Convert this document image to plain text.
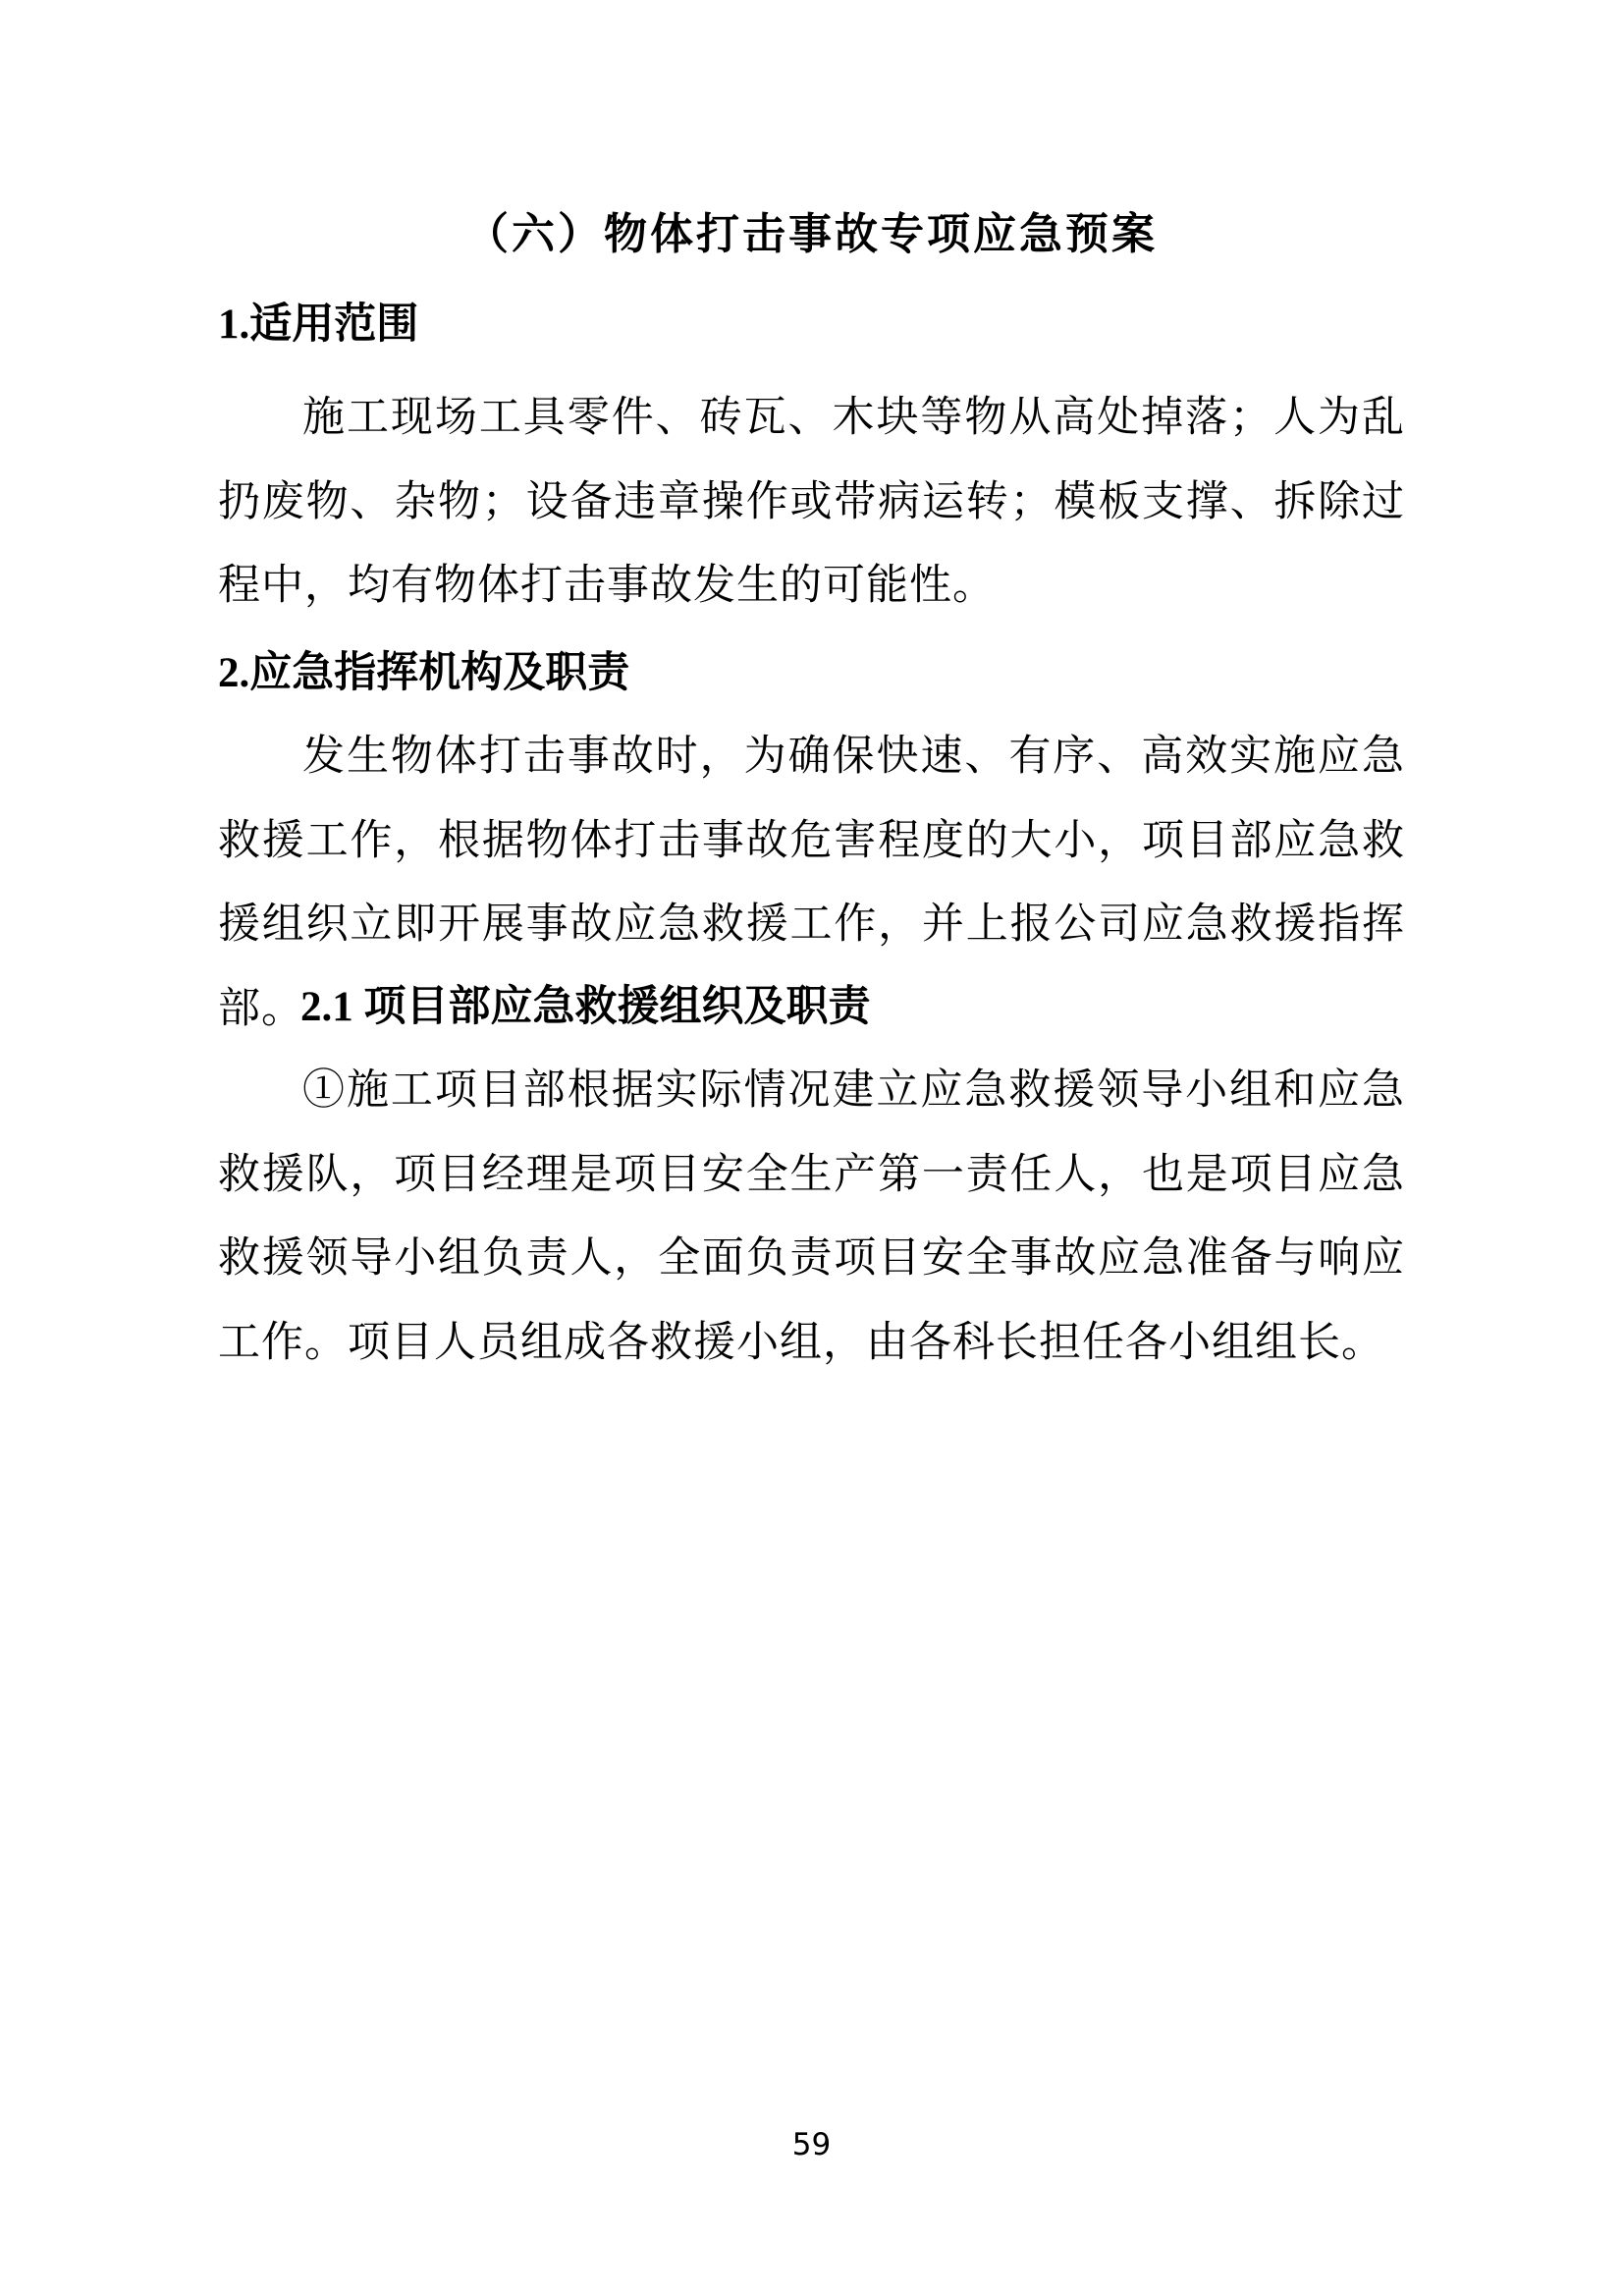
（六）物体打击事故专项应急预案
1.适用范围

施工现场工具零件、砖瓦、木块等物从高处掉落；人为乱扔废物、杂物；设备违章操作或带病运转；模板支撑、拆除过程中，均有物体打击事故发生的可能性。

2.应急指挥机构及职责

发生物体打击事故时，为确保快速、有序、高效实施应急救援工作，根据物体打击事故危害程度的大小，项目部应急救援组织立即开展事故应急救援工作，并上报公司应急救援指挥部。

2.1 项目部应急救援组织及职责

①施工项目部根据实际情况建立应急救援领导小组和应急救援队，项目经理是项目安全生产第一责任人，也是项目应急救援领导小组负责人，全面负责项目安全事故应急准备与响应工作。项目人员组成各救援小组，由各科长担任各小组组长。

59
